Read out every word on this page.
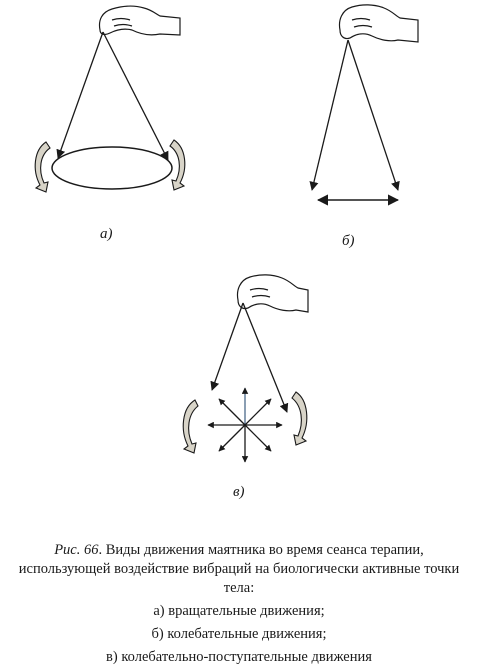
а)	б)
в)
Рис. 66. Виды движения маятника во время сеанса терапии, использующей воздействие вибраций на биологически активные точки тела:
а) вращательные движения;
б) колебательные движения;
в) колебательно-поступательные движения
